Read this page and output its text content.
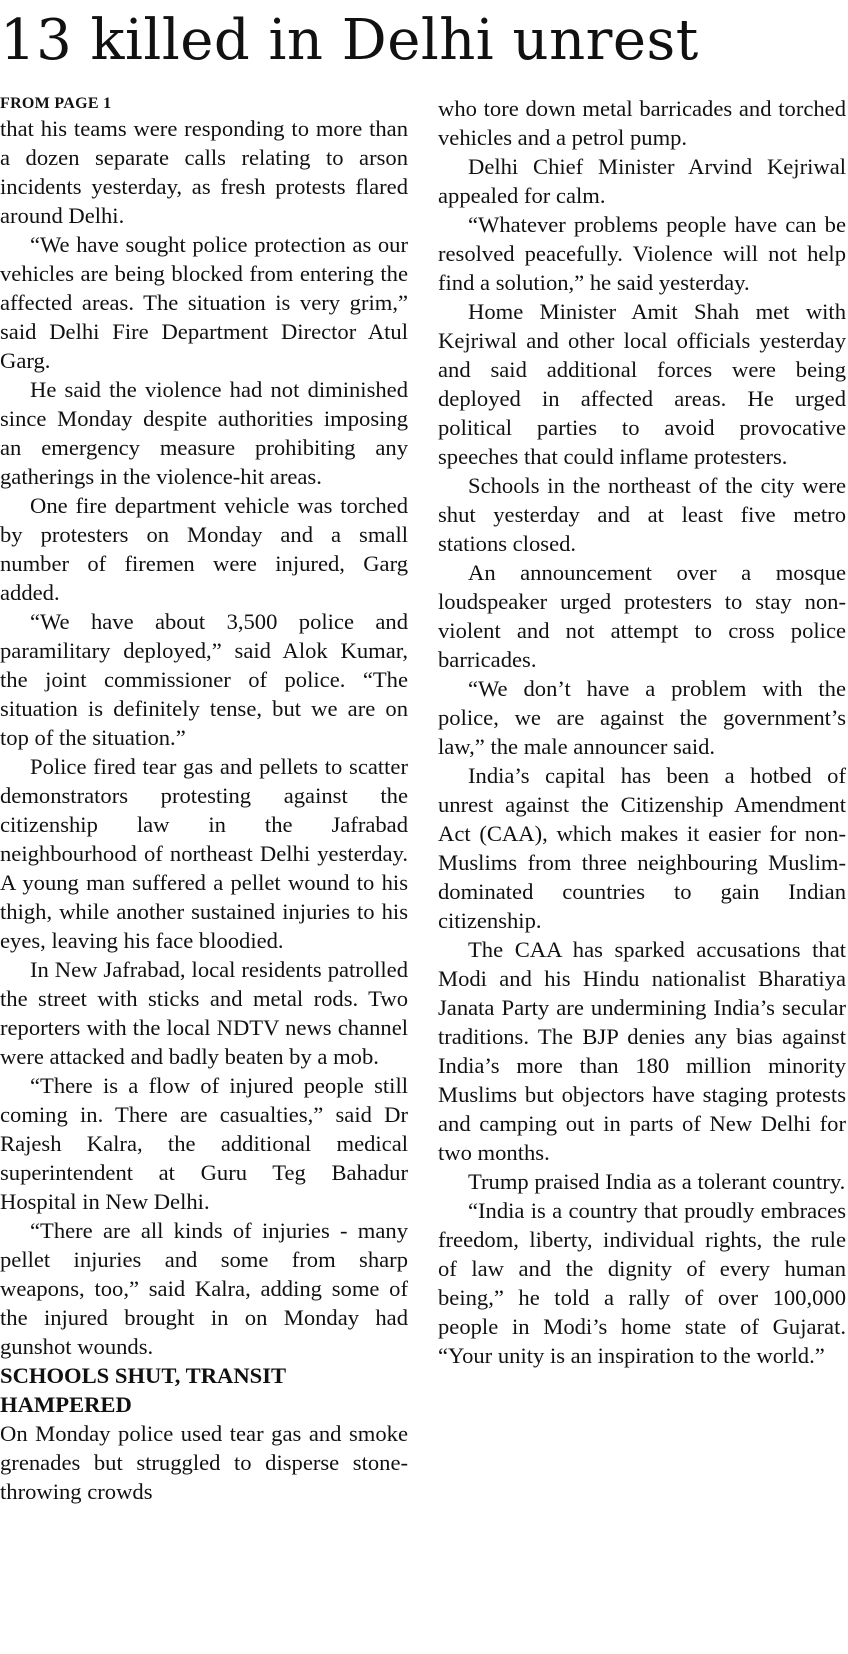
13 killed in Delhi unrest
FROM PAGE 1

that his teams were responding to more than a dozen separate calls relating to arson incidents yesterday, as fresh protests flared around Delhi.

“We have sought police protection as our vehicles are being blocked from entering the affected areas. The situation is very grim,” said Delhi Fire Department Director Atul Garg.

He said the violence had not diminished since Monday despite authorities imposing an emergency measure prohibiting any gatherings in the violence-hit areas.

One fire department vehicle was torched by protesters on Monday and a small number of firemen were injured, Garg added.

“We have about 3,500 police and paramilitary deployed,” said Alok Kumar, the joint commissioner of police. “The situation is definitely tense, but we are on top of the situation.”

Police fired tear gas and pellets to scatter demonstrators protesting against the citizenship law in the Jafrabad neighbourhood of northeast Delhi yesterday. A young man suffered a pellet wound to his thigh, while another sustained injuries to his eyes, leaving his face bloodied.

In New Jafrabad, local residents patrolled the street with sticks and metal rods. Two reporters with the local NDTV news channel were attacked and badly beaten by a mob.

“There is a flow of injured people still coming in. There are casualties,” said Dr Rajesh Kalra, the additional medical superintendent at Guru Teg Bahadur Hospital in New Delhi.

“There are all kinds of injuries - many pellet injuries and some from sharp weapons, too,” said Kalra, adding some of the injured brought in on Monday had gunshot wounds.

SCHOOLS SHUT, TRANSIT HAMPERED

On Monday police used tear gas and smoke grenades but struggled to disperse stone-throwing crowds

who tore down metal barricades and torched vehicles and a petrol pump.

Delhi Chief Minister Arvind Kejriwal appealed for calm.

“Whatever problems people have can be resolved peacefully. Violence will not help find a solution,” he said yesterday.

Home Minister Amit Shah met with Kejriwal and other local officials yesterday and said additional forces were being deployed in affected areas. He urged political parties to avoid provocative speeches that could inflame protesters.

Schools in the northeast of the city were shut yesterday and at least five metro stations closed.

An announcement over a mosque loudspeaker urged protesters to stay non-violent and not attempt to cross police barricades.

“We don’t have a problem with the police, we are against the government’s law,” the male announcer said.

India’s capital has been a hotbed of unrest against the Citizenship Amendment Act (CAA), which makes it easier for non-Muslims from three neighbouring Muslim-dominated countries to gain Indian citizenship.

The CAA has sparked accusations that Modi and his Hindu nationalist Bharatiya Janata Party are undermining India’s secular traditions. The BJP denies any bias against India’s more than 180 million minority Muslims but objectors have staging protests and camping out in parts of New Delhi for two months.

Trump praised India as a tolerant country.

“India is a country that proudly embraces freedom, liberty, individual rights, the rule of law and the dignity of every human being,” he told a rally of over 100,000 people in Modi’s home state of Gujarat. “Your unity is an inspiration to the world.”
